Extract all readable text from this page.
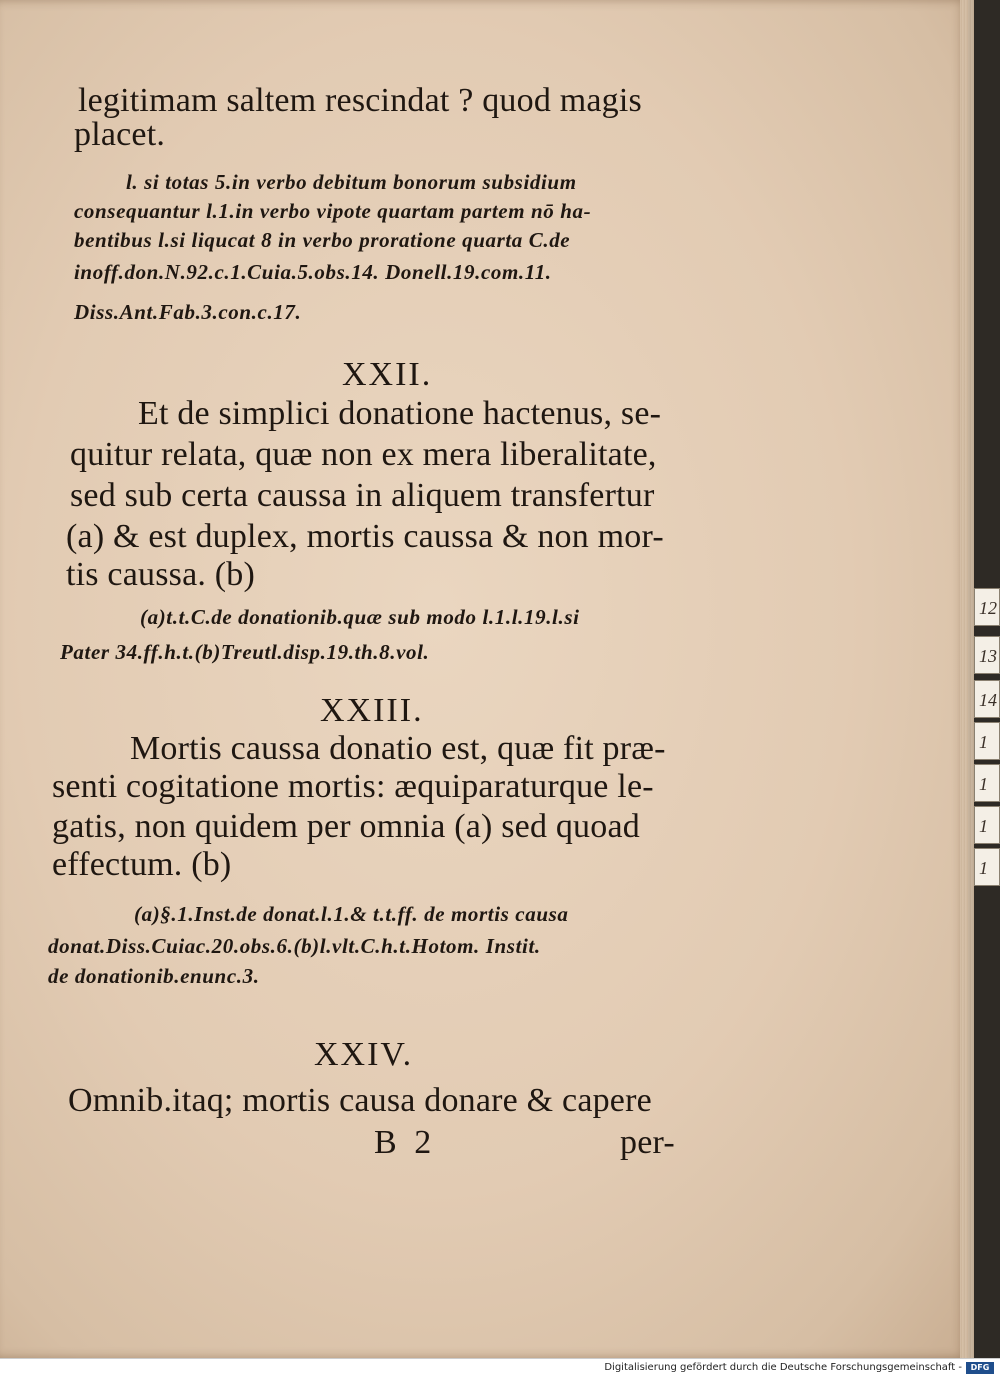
12
13
14
1
1
1
1
legitimam saltem rescindat ? quod magis
placet.
l. si totas 5.in verbo debitum bonorum subsidium
consequantur l.1.in verbo vipote quartam partem nō ha-
bentibus l.si liqucat 8 in verbo proratione quarta C.de
inoff.don.N.92.c.1.Cuia.5.obs.14. Donell.19.com.11.
Diss.Ant.Fab.3.con.c.17.
XXII.
Et de simplici donatione hactenus, se-
quitur relata, quæ non ex mera liberalitate,
sed sub certa caussa in aliquem transfertur
(a) & est duplex, mortis caussa & non mor-
tis caussa. (b)
(a)t.t.C.de donationib.quæ sub modo l.1.l.19.l.si
Pater 34.ff.h.t.(b)Treutl.disp.19.th.8.vol.
XXIII.
Mortis caussa donatio est, quæ fit præ-
senti cogitatione mortis: æquiparaturque le-
gatis, non quidem per omnia (a) sed quoad
effectum. (b)
(a)§.1.Inst.de donat.l.1.& t.t.ff. de mortis causa
donat.Diss.Cuiac.20.obs.6.(b)l.vlt.C.h.t.Hotom. Instit.
de donationib.enunc.3.
XXIV.
Omnib.itaq; mortis causa donare & capere
B  2	per-
Digitalisierung gefördert durch die Deutsche Forschungsgemeinschaft -	DFG
